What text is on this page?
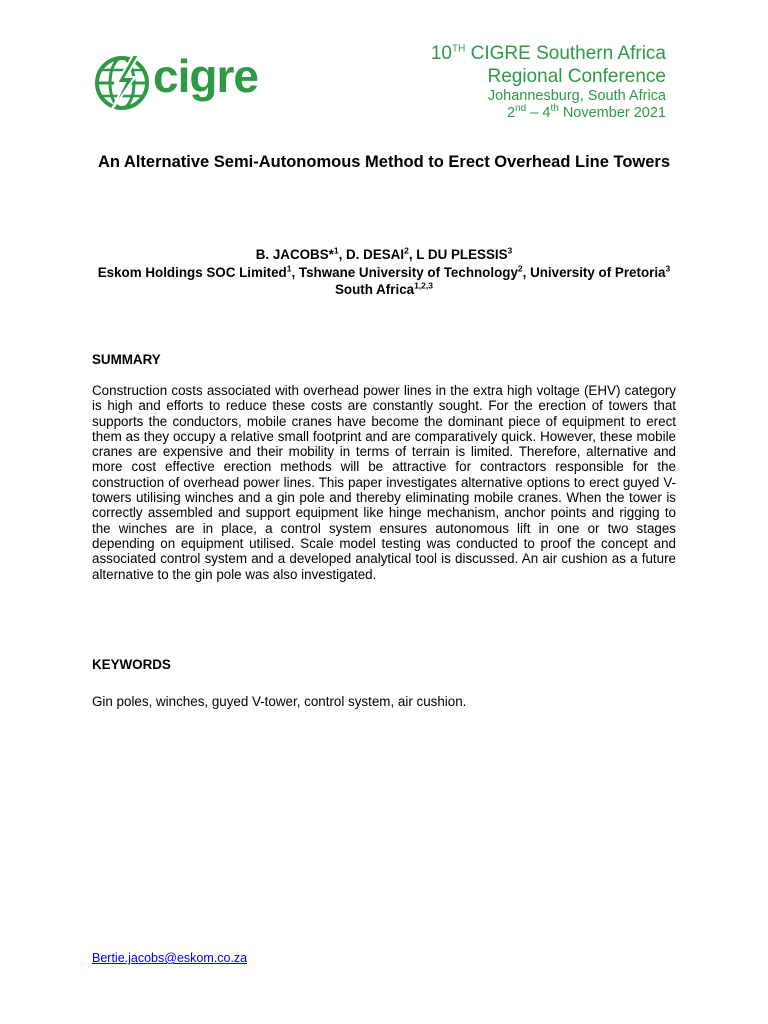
cigre	10TH CIGRE Southern Africa
Regional Conference
Johannesburg, South Africa
2nd – 4th November 2021
An Alternative Semi-Autonomous Method to Erect Overhead Line Towers
B. JACOBS*$^1$, D. DESAI$^2$, L DU PLESSIS$^3$
Eskom Holdings SOC Limited$^1$, Tshwane University of Technology$^2$, University of Pretoria$^3$
South Africa$^{1,2,3}$
SUMMARY
Construction costs associated with overhead power lines in the extra high voltage (EHV) category is high and efforts to reduce these costs are constantly sought. For the erection of towers that supports the conductors, mobile cranes have become the dominant piece of equipment to erect them as they occupy a relative small footprint and are comparatively quick. However, these mobile cranes are expensive and their mobility in terms of terrain is limited. Therefore, alternative and more cost effective erection methods will be attractive for contractors responsible for the construction of overhead power lines. This paper investigates alternative options to erect guyed V-towers utilising winches and a gin pole and thereby eliminating mobile cranes. When the tower is correctly assembled and support equipment like hinge mechanism, anchor points and rigging to the winches are in place, a control system ensures autonomous lift in one or two stages depending on equipment utilised. Scale model testing was conducted to proof the concept and associated control system and a developed analytical tool is discussed. An air cushion as a future alternative to the gin pole was also investigated.
KEYWORDS
Gin poles, winches, guyed V-tower, control system, air cushion.
Bertie.jacobs@eskom.co.za
